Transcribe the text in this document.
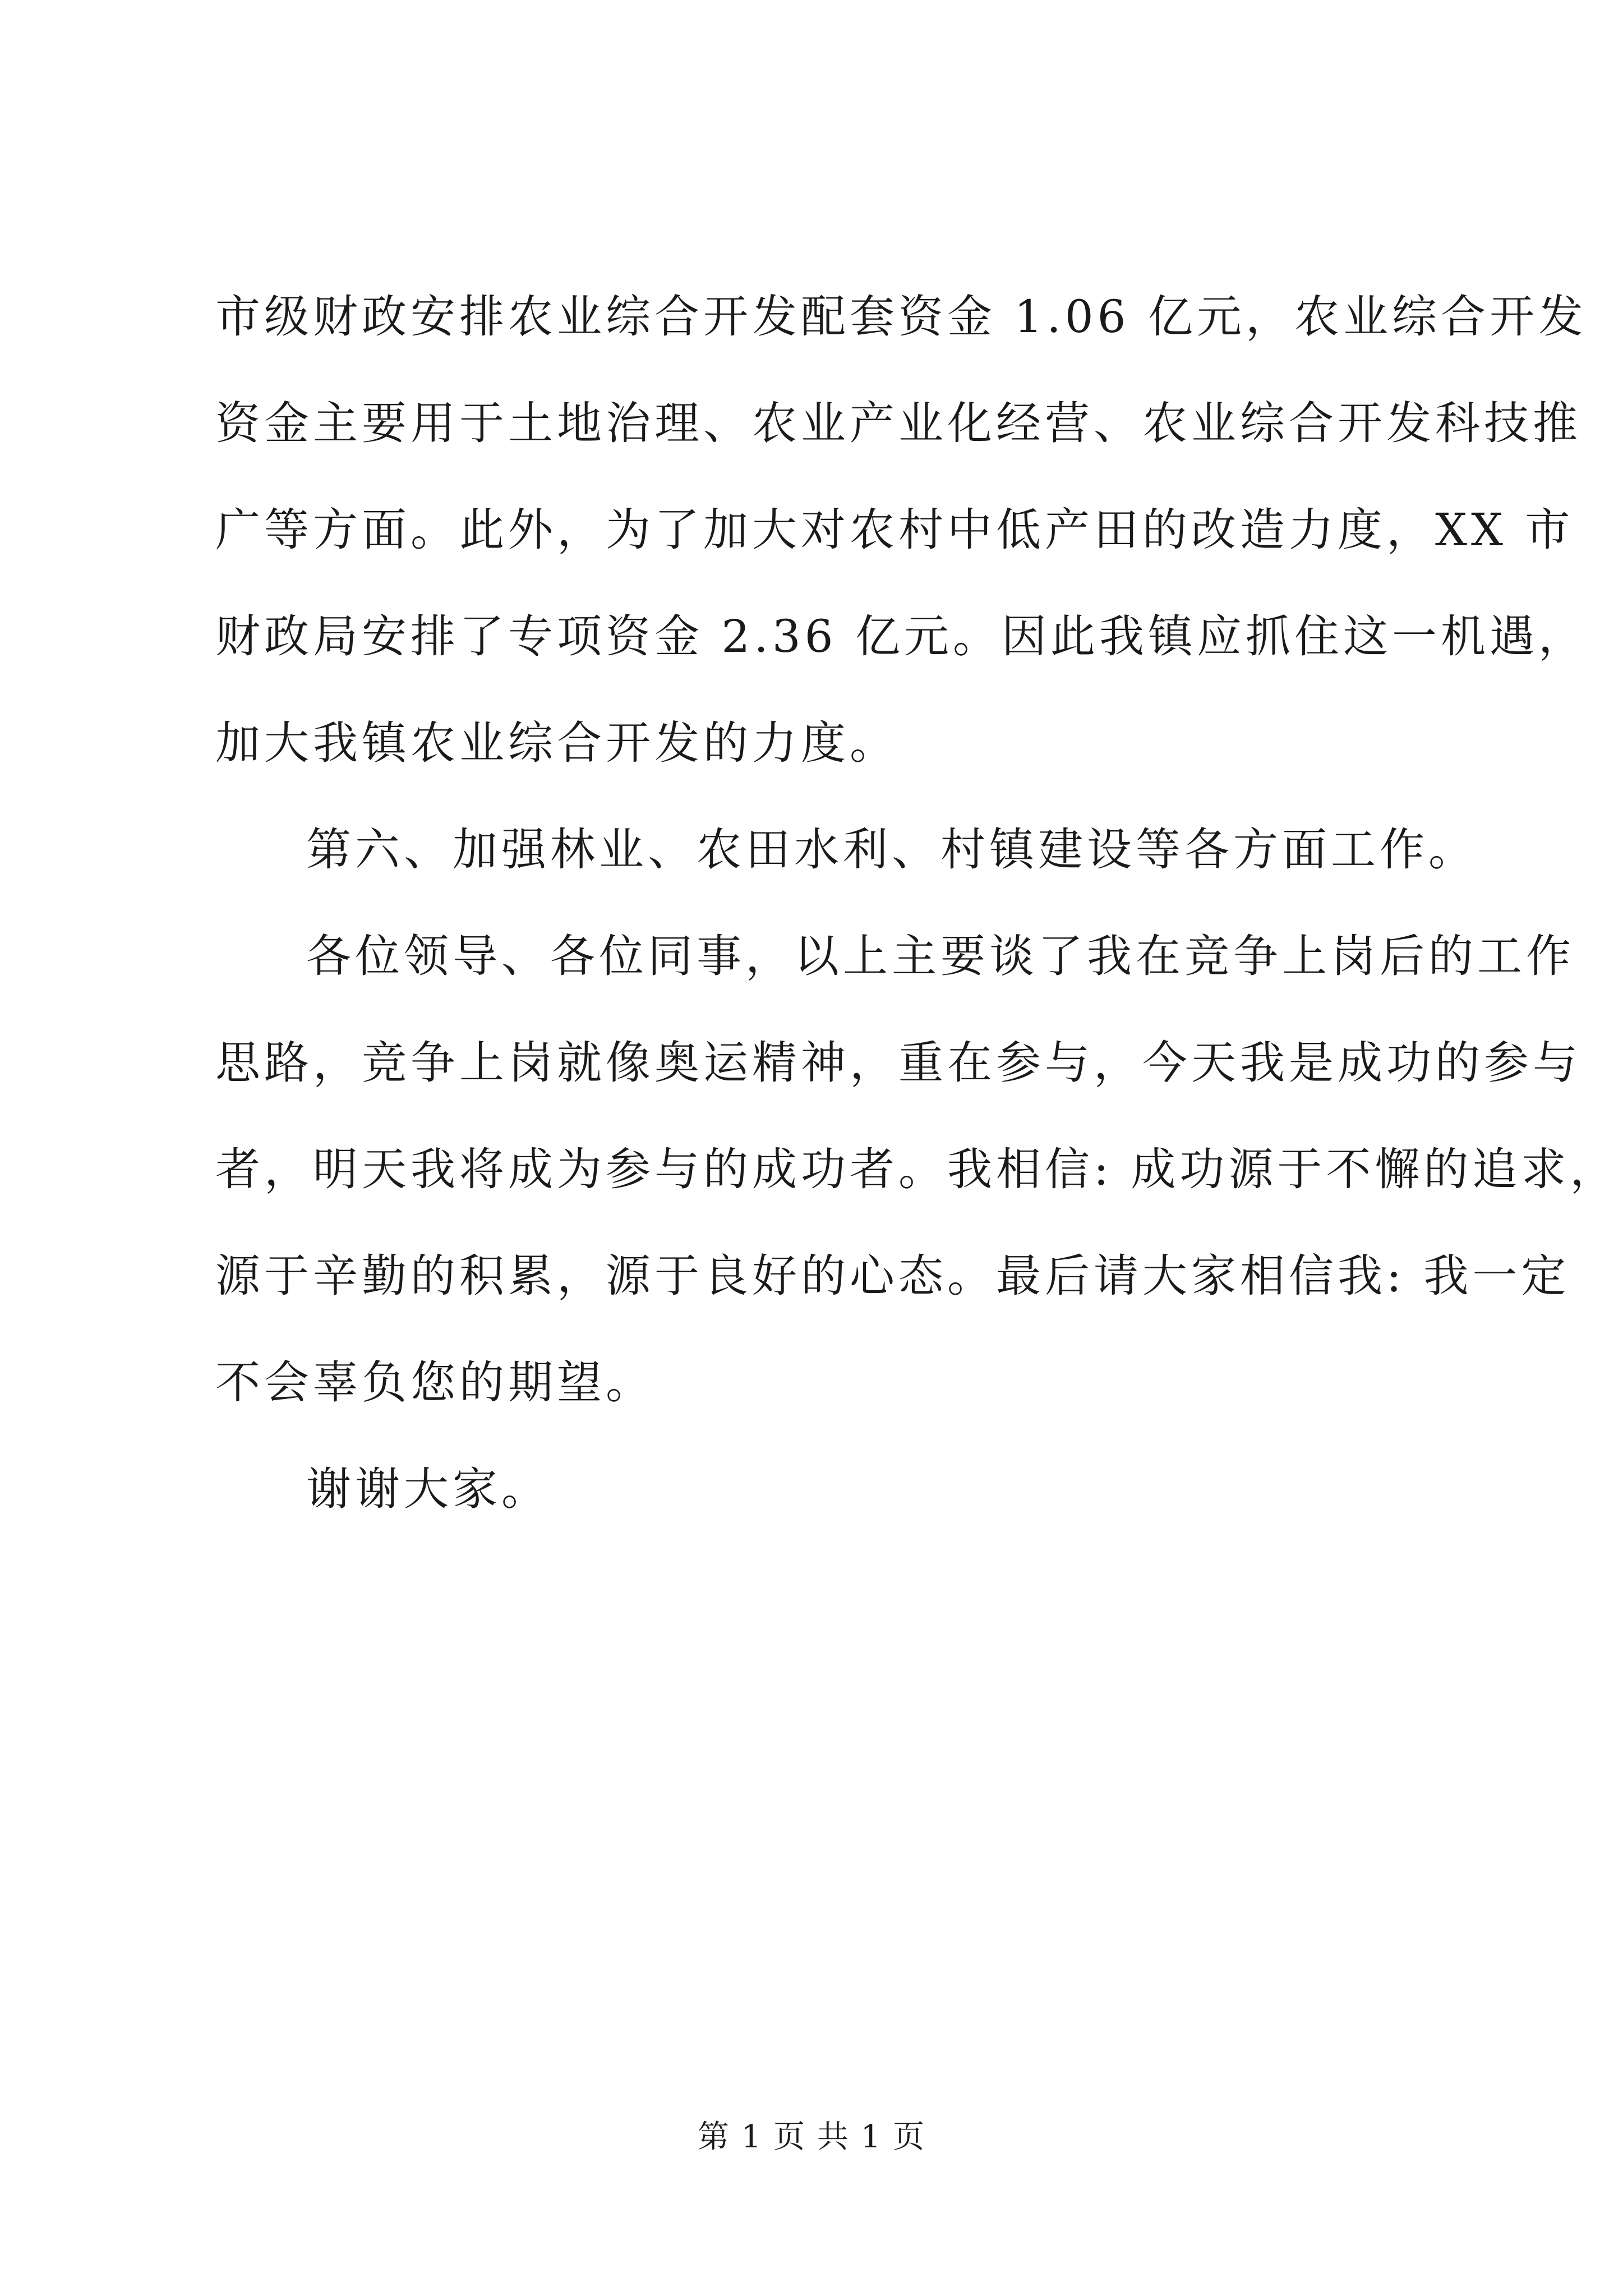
市级财政安排农业综合开发配套资金 1.06 亿元，农业综合开发
资金主要用于土地治理、农业产业化经营、农业综合开发科技推
广等方面。此外，为了加大对农村中低产田的改造力度，XX 市
财政局安排了专项资金 2.36 亿元。因此我镇应抓住这一机遇，
加大我镇农业综合开发的力度。
第六、加强林业、农田水利、村镇建设等各方面工作。
各位领导、各位同事，以上主要谈了我在竞争上岗后的工作
思路，竞争上岗就像奥运精神，重在参与，今天我是成功的参与
者，明天我将成为参与的成功者。我相信: 成功源于不懈的追求，
源于辛勤的积累，源于良好的心态。最后请大家相信我: 我一定
不会辜负您的期望。
谢谢大家。
第 1 页 共 1 页
